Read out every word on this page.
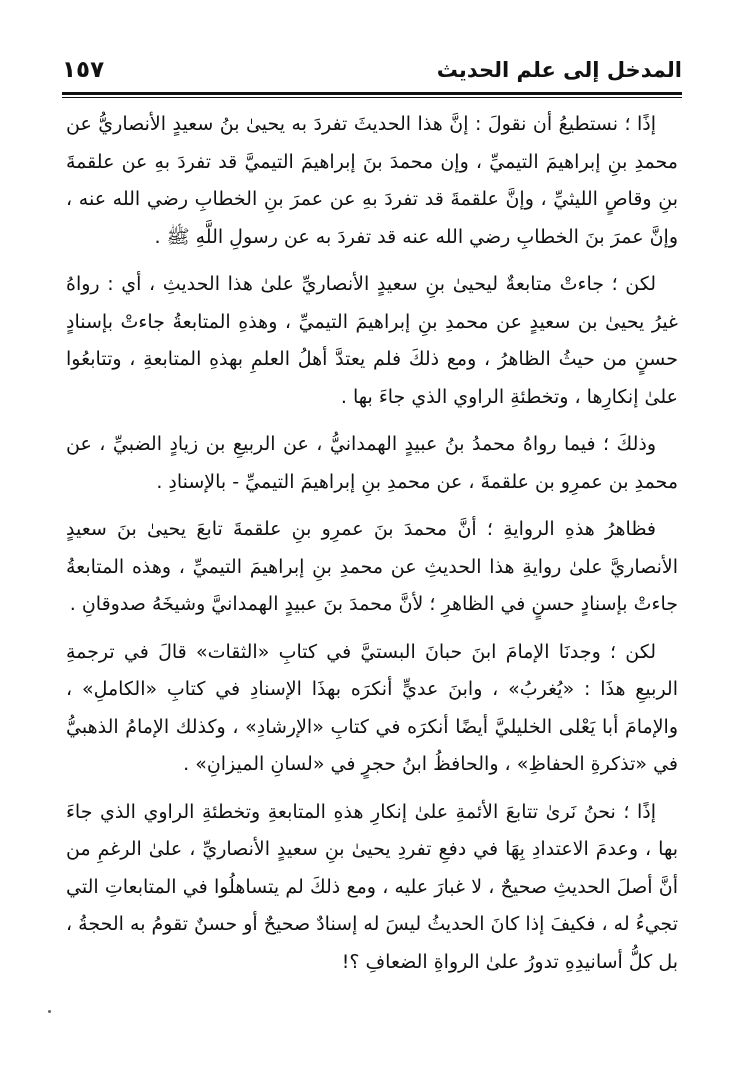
المدخل إلى علم الحديث
١٥٧

إذًا ؛ نستطيعُ أن نقولَ : إنَّ هذا الحديثَ تفردَ به يحيىٰ بنُ سعيدٍ الأنصاريُّ عن محمدِ بنِ إبراهيمَ التيميِّ ، وإن محمدَ بنَ إبراهيمَ التيميَّ قد تفردَ بهِ عن علقمةَ بنِ وقاصٍ الليثيِّ ، وإنَّ علقمةَ قد تفردَ بهِ عن عمرَ بنِ الخطابِ رضي الله عنه ، وإنَّ عمرَ بنَ الخطابِ رضي الله عنه قد تفردَ به عن رسولِ اللَّهِ ﷺ .

لكن ؛ جاءتْ متابعةٌ ليحيىٰ بنِ سعيدٍ الأنصاريِّ علىٰ هذا الحديثِ ، أي : رواهُ غيرُ يحيىٰ بن سعيدٍ عن محمدِ بنِ إبراهيمَ التيميِّ ، وهذهِ المتابعةُ جاءتْ بإسنادٍ حسنٍ من حيثُ الظاهرُ ، ومع ذلكَ فلم يعتدَّ أهلُ العلمِ بهذهِ المتابعةِ ، وتتابعُوا علىٰ إنكارِها ، وتخطئةِ الراوي الذي جاءَ بها .

وذلكَ ؛ فيما رواهُ محمدُ بنُ عبيدٍ الهمدانيُّ ، عن الربيعِ بن زيادٍ الضبيِّ ، عن محمدِ بن عمرِو بن علقمةَ ، عن محمدِ بنِ إبراهيمَ التيميِّ - بالإسنادِ .

فظاهرُ هذهِ الروايةِ ؛ أنَّ محمدَ بنَ عمرِو بنِ علقمةَ تابعَ يحيىٰ بنَ سعيدٍ الأنصاريَّ علىٰ روايةِ هذا الحديثِ عن محمدِ بنِ إبراهيمَ التيميِّ ، وهذه المتابعةُ جاءتْ بإسنادٍ حسنٍ في الظاهرِ ؛ لأنَّ محمدَ بنَ عبيدٍ الهمدانيَّ وشيخَهُ صدوقانِ .

لكن ؛ وجدنَا الإمامَ ابنَ حبانَ البستيَّ في كتابِ «الثقات» قالَ في ترجمةِ الربيعِ هذَا : «يُغربُ» ، وابنَ عديٍّ أنكرَه بهذَا الإسنادِ في كتابِ «الكاملِ» ، والإمامَ أبا يَعْلى الخليليَّ أيضًا أنكرَه في كتابِ «الإرشادِ» ، وكذلك الإمامُ الذهبيُّ في «تذكرةِ الحفاظِ» ، والحافظُ ابنُ حجرٍ في «لسانِ الميزانِ» .

إذًا ؛ نحنُ نَرىٰ تتابعَ الأئمةِ علىٰ إنكارِ هذهِ المتابعةِ وتخطئةِ الراوي الذي جاءَ بها ، وعدمَ الاعتدادِ بِهَا في دفعِ تفردِ يحيىٰ بنِ سعيدٍ الأنصاريِّ ، علىٰ الرغمِ من أنَّ أصلَ الحديثِ صحيحٌ ، لا غبارَ عليه ، ومع ذلكَ لم يتساهلُوا في المتابعاتِ التي تجيءُ له ، فكيفَ إذا كانَ الحديثُ ليسَ له إسنادٌ صحيحٌ أو حسنٌ تقومُ به الحجةُ ، بل كلُّ أسانيدِهِ تدورُ علىٰ الرواةِ الضعافِ ؟!
